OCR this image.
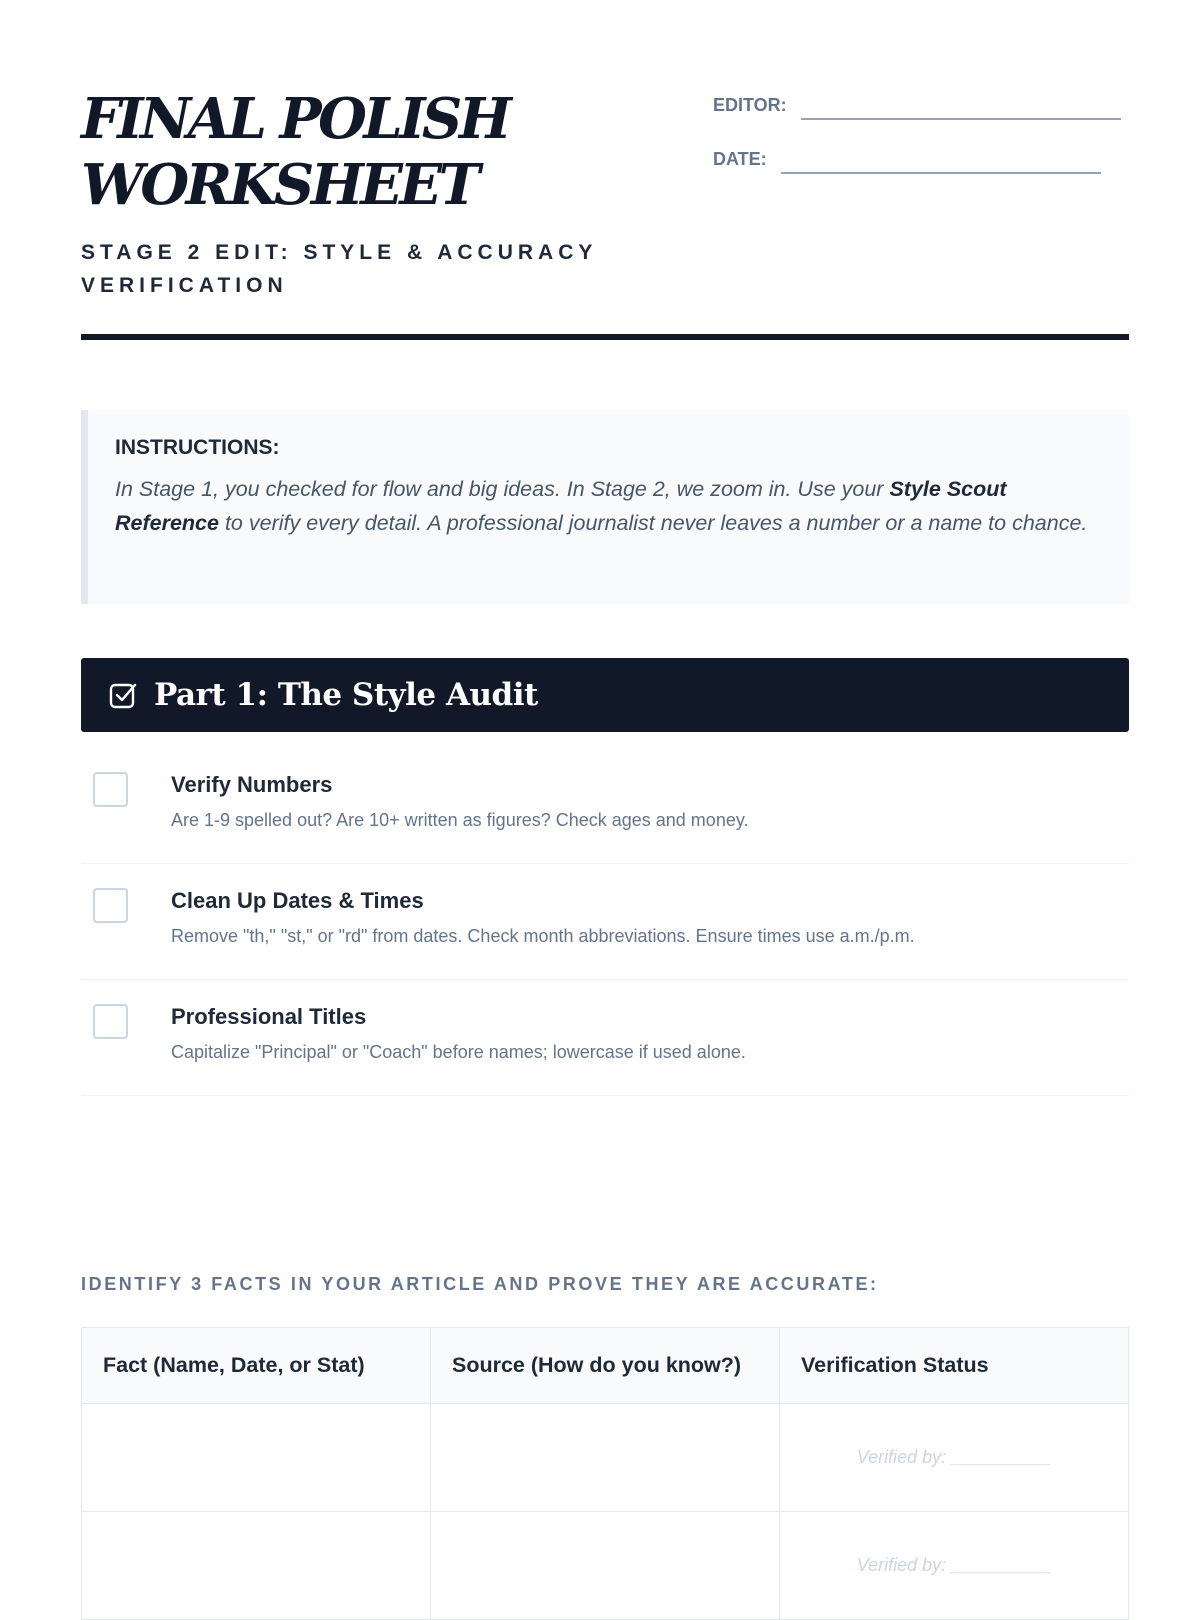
FINAL POLISH
WORKSHEET
STAGE 2 EDIT: STYLE & ACCURACY VERIFICATION
EDITOR:
DATE:
INSTRUCTIONS:
In Stage 1, you checked for flow and big ideas. In Stage 2, we zoom in. Use your Style Scout Reference to verify every detail. A professional journalist never leaves a number or a name to chance.
Part 1: The Style Audit
Verify Numbers
Are 1-9 spelled out? Are 10+ written as figures? Check ages and money.
Clean Up Dates & Times
Remove "th," "st," or "rd" from dates. Check month abbreviations. Ensure times use a.m./p.m.
Professional Titles
Capitalize "Principal" or "Coach" before names; lowercase if used alone.
IDENTIFY 3 FACTS IN YOUR ARTICLE AND PROVE THEY ARE ACCURATE:
Fact (Name, Date, or Stat)	Source (How do you know?)	Verification Status
		Verified by: __________
		Verified by: __________
